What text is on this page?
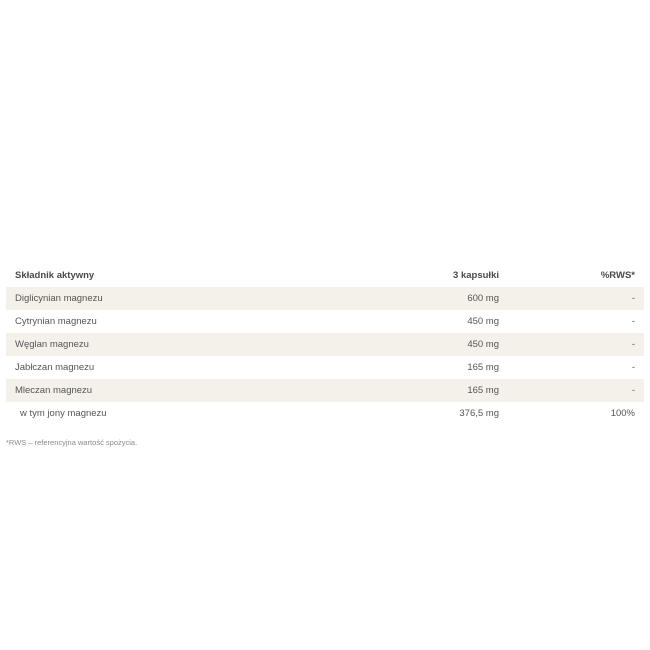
Składnik aktywny	3 kapsułki	%RWS*
Diglicynian magnezu	600 mg	-
Cytrynian magnezu	450 mg	-
Węglan magnezu	450 mg	-
Jabłczan magnezu	165 mg	-
Mleczan magnezu	165 mg	-
w tym jony magnezu	376,5 mg	100%
*RWS – referencyjna wartość spożycia.
